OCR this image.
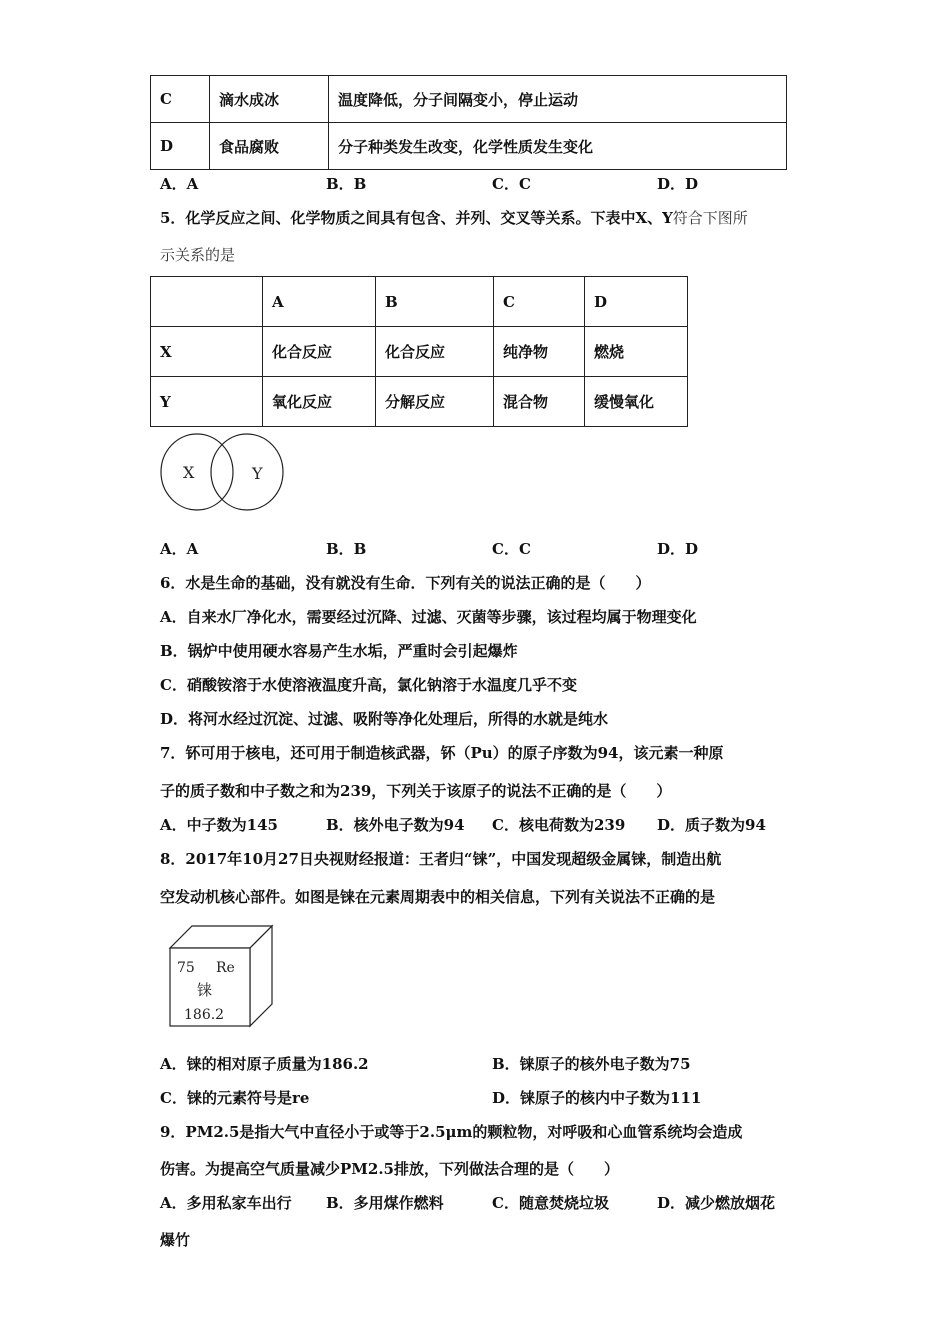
C	滴水成冰	温度降低，分子间隔变小，停止运动
D	食品腐败	分子种类发生改变，化学性质发生变化
A．A	B．B	C．C	D．D
5．化学反应之间、化学物质之间具有包含、并列、交叉等关系。下表中X、Y符合下图所
示关系的是
	A	B	C	D
X	化合反应	化合反应	纯净物	燃烧
Y	氧化反应	分解反应	混合物	缓慢氧化
X	Y
A．A	B．B	C．C	D．D
6．水是生命的基础，没有就没有生命．下列有关的说法正确的是（　　）
A．自来水厂净化水，需要经过沉降、过滤、灭菌等步骤，该过程均属于物理变化
B．锅炉中使用硬水容易产生水垢，严重时会引起爆炸
C．硝酸铵溶于水使溶液温度升高，氯化钠溶于水温度几乎不变
D．将河水经过沉淀、过滤、吸附等净化处理后，所得的水就是纯水
7．钚可用于核电，还可用于制造核武器，钚（Pu）的原子序数为94，该元素一种原
子的质子数和中子数之和为239，下列关于该原子的说法不正确的是（　　）
A．中子数为145	B．核外电子数为94 C．核电荷数为239 D．质子数为94
8．2017年10月27日央视财经报道：王者归“铼”，中国发现超级金属铼，制造出航
空发动机核心部件。如图是铼在元素周期表中的相关信息，下列有关说法不正确的是
75 Re
铼
186.2
A．铼的相对原子质量为186.2	B．铼原子的核外电子数为75
C．铼的元素符号是re	D．铼原子的核内中子数为111
9．PM2.5是指大气中直径小于或等于2.5μm的颗粒物，对呼吸和心血管系统均会造成
伤害。为提高空气质量减少PM2.5排放，下列做法合理的是（　　）
A．多用私家车出行 B．多用煤作燃料	C．随意焚烧垃圾	D．减少燃放烟花
爆竹
